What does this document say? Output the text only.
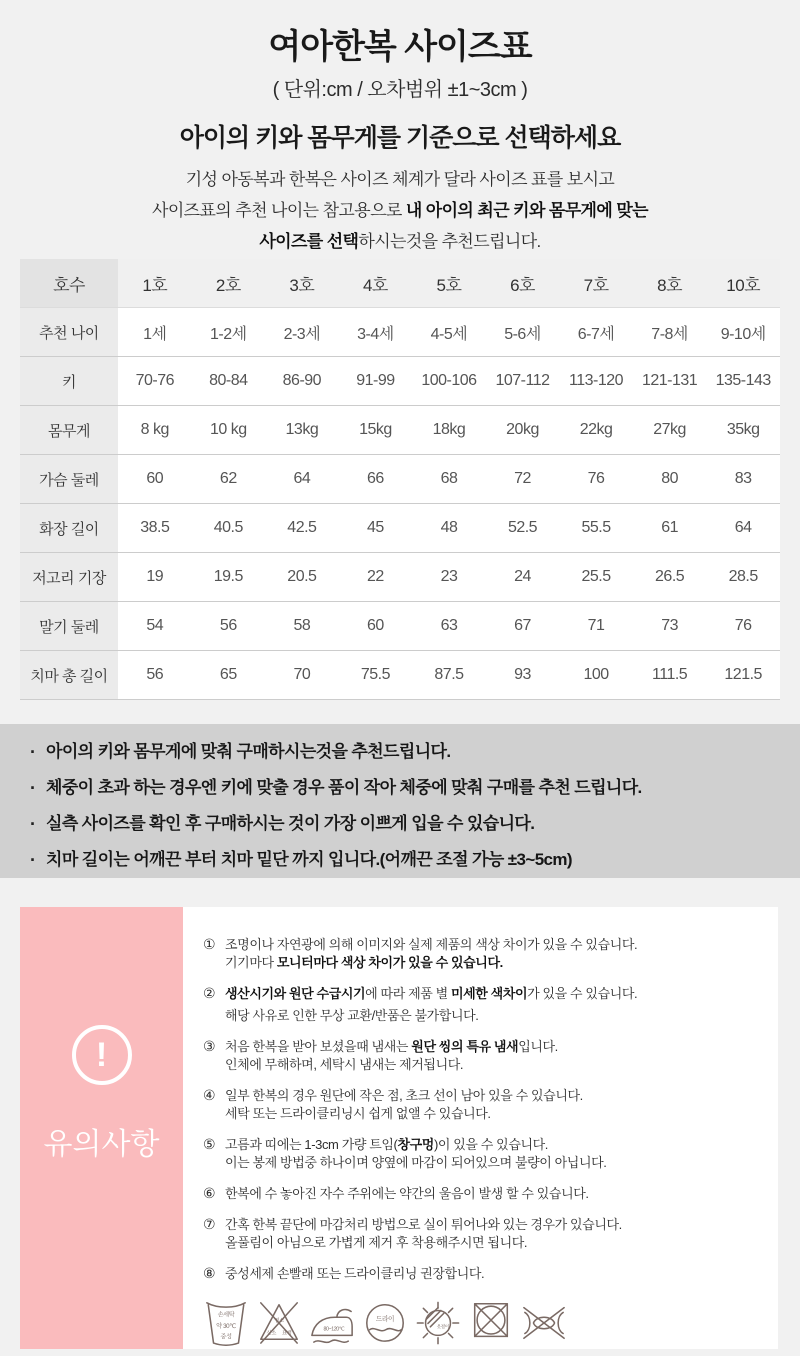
여아한복 사이즈표
( 단위:cm / 오차범위 ±1~3cm )
아이의 키와 몸무게를 기준으로 선택하세요
기성 아동복과 한복은 사이즈 체계가 달라 사이즈 표를 보시고
사이즈표의 추천 나이는 참고용으로 내 아이의 최근 키와 몸무게에 맞는
사이즈를 선택하시는것을 추천드립니다.
호수	1호	2호	3호	4호	5호	6호	7호	8호	10호
추천 나이	1세	1-2세	2-3세	3-4세	4-5세	5-6세	6-7세	7-8세	9-10세
키	70-76	80-84	86-90	91-99	100-106	107-112	113-120	121-131	135-143
몸무게	8 kg	10 kg	13kg	15kg	18kg	20kg	22kg	27kg	35kg
가슴 둘레	60	62	64	66	68	72	76	80	83
화장 길이	38.5	40.5	42.5	45	48	52.5	55.5	61	64
저고리 기장	19	19.5	20.5	22	23	24	25.5	26.5	28.5
말기 둘레	54	56	58	60	63	67	71	73	76
치마 총 길이	56	65	70	75.5	87.5	93	100	111.5	121.5
· 아이의 키와 몸무게에 맞춰 구매하시는것을 추천드립니다.
· 체중이 초과 하는 경우엔 키에 맞출 경우 품이 작아 체중에 맞춰 구매를 추천 드립니다.
· 실측 사이즈를 확인 후 구매하시는 것이 가장 이쁘게 입을 수 있습니다.
· 치마 길이는 어깨끈 부터 치마 밑단 까지 입니다.(어깨끈 조절 가능 ±3~5cm)
!
유의사항
① 조명이나 자연광에 의해 이미지와 실제 제품의 색상 차이가 있을 수 있습니다.
기기마다 모니터마다 색상 차이가 있을 수 있습니다.
② 생산시기와 원단 수급시기에 따라 제품 별 미세한 색차이가 있을 수 있습니다.
해당 사유로 인한 무상 교환/반품은 불가합니다.
③ 처음 한복을 받아 보셨을때 냄새는 원단 씽의 특유 냄새입니다.
인체에 무해하며, 세탁시 냄새는 제거됩니다.
④ 일부 한복의 경우 원단에 작은 점, 초크 선이 남아 있을 수 있습니다.
세탁 또는 드라이클리닝시 쉽게 없앨 수 있습니다.
⑤ 고름과 띠에는 1-3cm 가량 트임(창구멍)이 있을 수 있습니다.
이는 봉제 방법중 하나이며 양옆에 마감이 되어있으며 불량이 아닙니다.
⑥ 한복에 수 놓아진 자수 주위에는 약간의 울음이 발생 할 수 있습니다.
⑦ 간혹 한복 끝단에 마감처리 방법으로 실이 튀어나와 있는 경우가 있습니다.
올풀림이 아님으로 가볍게 제거 후 착용해주시면 됩니다.
⑧ 중성세제 손빨래 또는 드라이클리닝 권장합니다.
손세탁
약 30℃
중성
염소
산소 표백
80~120℃
드라이
옷걸이
